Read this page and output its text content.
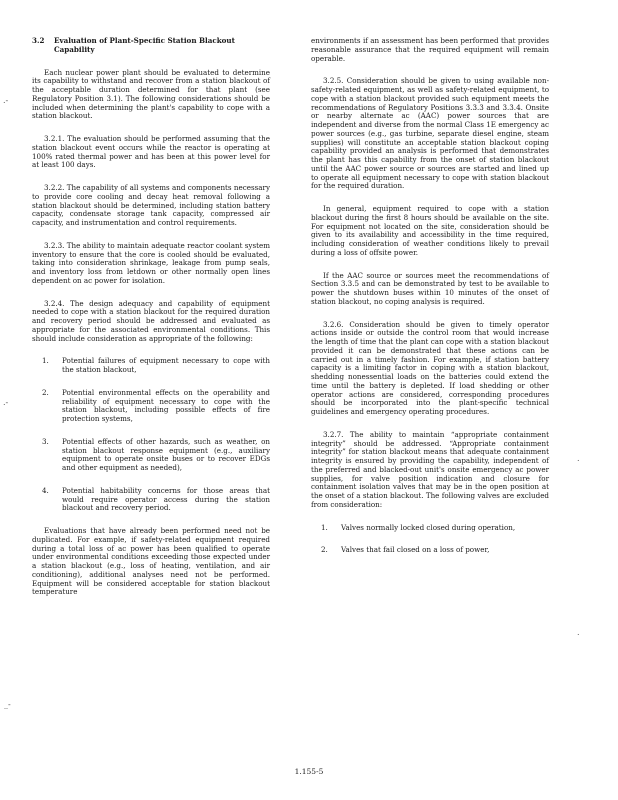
3.2	Evaluation of Plant-Specific Station Blackout Capability

Each nuclear power plant should be evaluated to determine its capability to withstand and recover from a station blackout of the acceptable duration determined for that plant (see Regulatory Position 3.1). The following considerations should be included when determining the plant's capability to cope with a station blackout.

3.2.1. The evaluation should be performed assuming that the station blackout event occurs while the reactor is operating at 100% rated thermal power and has been at this power level for at least 100 days.

3.2.2. The capability of all systems and components necessary to provide core cooling and decay heat removal following a station blackout should be determined, including station battery capacity, condensate storage tank capacity, compressed air capacity, and instrumentation and control requirements.

3.2.3. The ability to maintain adequate reactor coolant system inventory to ensure that the core is cooled should be evaluated, taking into consideration shrinkage, leakage from pump seals, and inventory loss from letdown or other normally open lines dependent on ac power for isolation.

3.2.4. The design adequacy and capability of equipment needed to cope with a station blackout for the required duration and recovery period should be addressed and evaluated as appropriate for the associated environmental conditions. This should include consideration as appropriate of the following:

1.	Potential failures of equipment necessary to cope with the station blackout,
2.	Potential environmental effects on the operability and reliability of equipment necessary to cope with the station blackout, including possible effects of fire protection systems,
3.	Potential effects of other hazards, such as weather, on station blackout response equipment (e.g., auxiliary equipment to operate onsite buses or to recover EDGs and other equipment as needed),
4.	Potential habitability concerns for those areas that would require operator access during the station blackout and recovery period.

Evaluations that have already been performed need not be duplicated. For example, if safety-related equipment required during a total loss of ac power has been qualified to operate under environmental conditions exceeding those expected under a station blackout (e.g., loss of heating, ventilation, and air conditioning), additional analyses need not be performed. Equipment will be considered acceptable for station blackout temperature

environments if an assessment has been performed that provides reasonable assurance that the required equipment will remain operable.

3.2.5. Consideration should be given to using available non-safety-related equipment, as well as safety-related equipment, to cope with a station blackout provided such equipment meets the recommendations of Regulatory Positions 3.3.3 and 3.3.4. Onsite or nearby alternate ac (AAC) power sources that are independent and diverse from the normal Class 1E emergency ac power sources (e.g., gas turbine, separate diesel engine, steam supplies) will constitute an acceptable station blackout coping capability provided an analysis is performed that demonstrates the plant has this capability from the onset of station blackout until the AAC power source or sources are started and lined up to operate all equipment necessary to cope with station blackout for the required duration.

In general, equipment required to cope with a station blackout during the first 8 hours should be available on the site. For equipment not located on the site, consideration should be given to its availability and accessibility in the time required, including consideration of weather conditions likely to prevail during a loss of offsite power.

If the AAC source or sources meet the recommendations of Section 3.3.5 and can be demonstrated by test to be available to power the shutdown buses within 10 minutes of the onset of station blackout, no coping analysis is required.

3.2.6. Consideration should be given to timely operator actions inside or outside the control room that would increase the length of time that the plant can cope with a station blackout provided it can be demonstrated that these actions can be carried out in a timely fashion. For example, if station battery capacity is a limiting factor in coping with a station blackout, shedding nonessential loads on the batteries could extend the time until the battery is depleted. If load shedding or other operator actions are considered, corresponding procedures should be incorporated into the plant-specific technical guidelines and emergency operating procedures.

3.2.7. The ability to maintain “appropriate containment integrity” should be addressed. “Appropriate containment integrity” for station blackout means that adequate containment integrity is ensured by providing the capability, independent of the preferred and blacked-out unit's onsite emergency ac power supplies, for valve position indication and closure for containment isolation valves that may be in the open position at the onset of a station blackout. The following valves are excluded from consideration:

1.	Valves normally locked closed during operation,
2.	Valves that fail closed on a loss of power,
.-
.-
_-
.
.
1.155-5
